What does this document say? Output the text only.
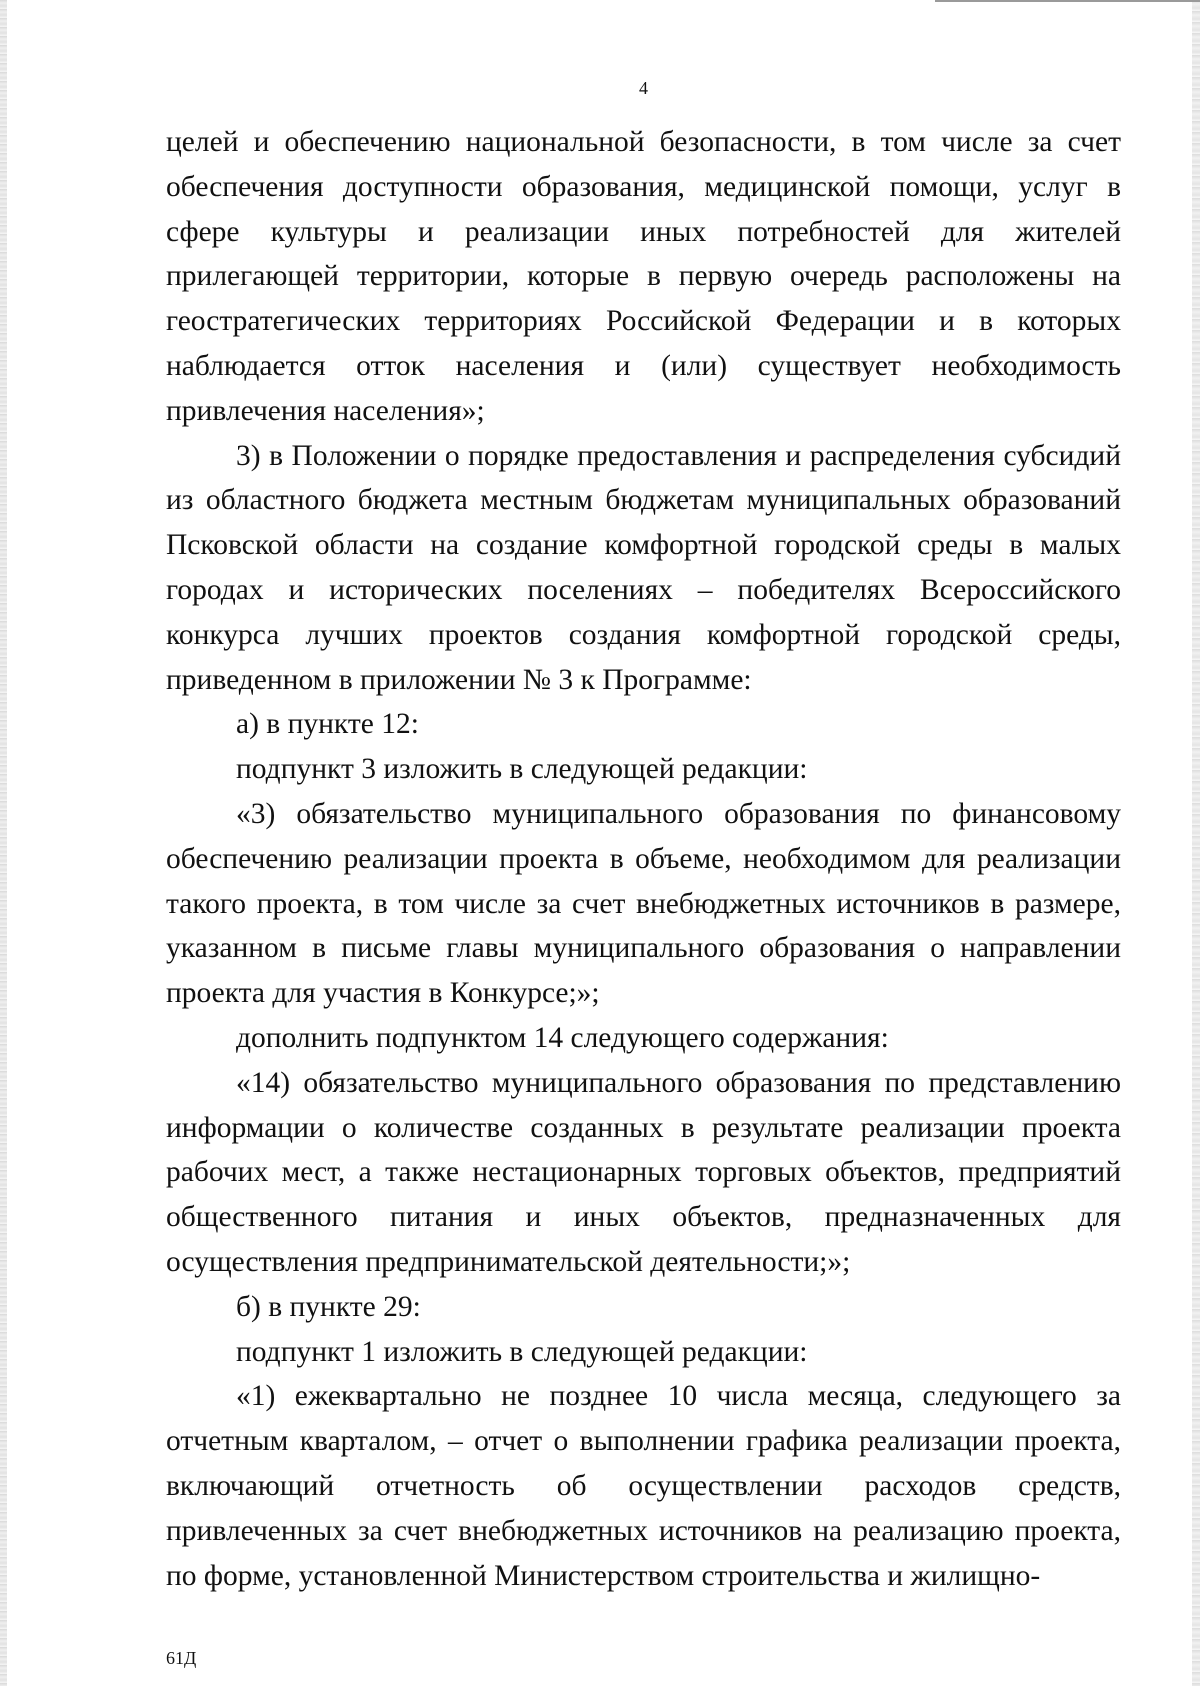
4

целей и обеспечению национальной безопасности, в том числе за счет обеспечения доступности образования, медицинской помощи, услуг в сфере культуры и реализации иных потребностей для жителей прилегающей территории, которые в первую очередь расположены на геостратегических территориях Российской Федерации и в которых наблюдается отток населения и (или) существует необходимость привлечения населения»;

3) в Положении о порядке предоставления и распределения субсидий из областного бюджета местным бюджетам муниципальных образований Псковской области на создание комфортной городской среды в малых городах и исторических поселениях – победителях Всероссийского конкурса лучших проектов создания комфортной городской среды, приведенном в приложении № 3 к Программе:

а) в пункте 12:

подпункт 3 изложить в следующей редакции:

«3) обязательство муниципального образования по финансовому обеспечению реализации проекта в объеме, необходимом для реализации такого проекта, в том числе за счет внебюджетных источников в размере, указанном в письме главы муниципального образования о направлении проекта для участия в Конкурсе;»;

дополнить подпунктом 14 следующего содержания:

«14) обязательство муниципального образования по представлению информации о количестве созданных в результате реализации проекта рабочих мест, а также нестационарных торговых объектов, предприятий общественного питания и иных объектов, предназначенных для осуществления предпринимательской деятельности;»;

б) в пункте 29:

подпункт 1 изложить в следующей редакции:

«1) ежеквартально не позднее 10 числа месяца, следующего за отчетным кварталом, – отчет о выполнении графика реализации проекта, включающий отчетность об осуществлении расходов средств, привлеченных за счет внебюджетных источников на реализацию проекта, по форме, установленной Министерством строительства и жилищно-

61Д
